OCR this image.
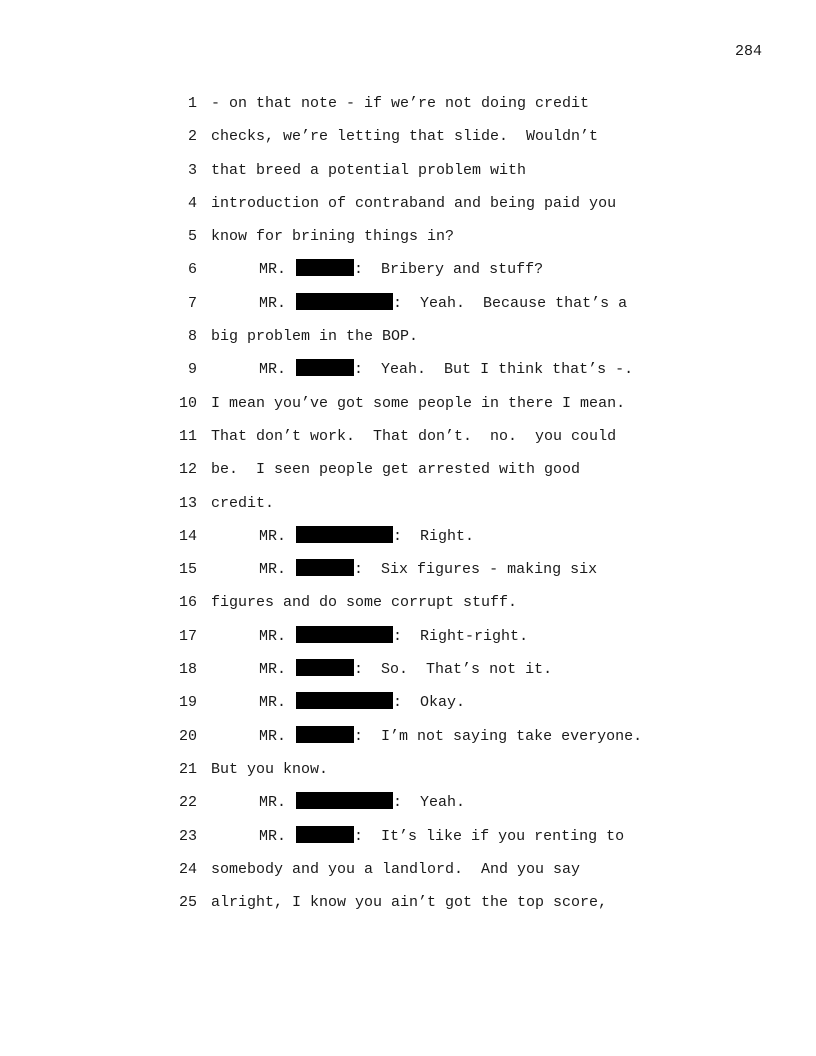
284
1 - on that note - if we’re not doing credit
2 checks, we’re letting that slide.  Wouldn’t
3 that breed a potential problem with
4 introduction of contraband and being paid you
5 know for brining things in?
6	MR.	:  Bribery and stuff?
7	MR.	:  Yeah.  Because that’s a
8 big problem in the BOP.
9	MR.	:  Yeah.  But I think that’s -.
10 I mean you’ve got some people in there I mean.
11 That don’t work.  That don’t.  no.  you could
12 be.  I seen people get arrested with good
13 credit.
14	MR.	:  Right.
15	MR.	:  Six figures - making six
16 figures and do some corrupt stuff.
17	MR.	:  Right-right.
18	MR.	:  So.  That’s not it.
19	MR.	:  Okay.
20	MR.	:  I’m not saying take everyone.
21 But you know.
22	MR.	:  Yeah.
23	MR.	:  It’s like if you renting to
24 somebody and you a landlord.  And you say
25 alright, I know you ain’t got the top score,
